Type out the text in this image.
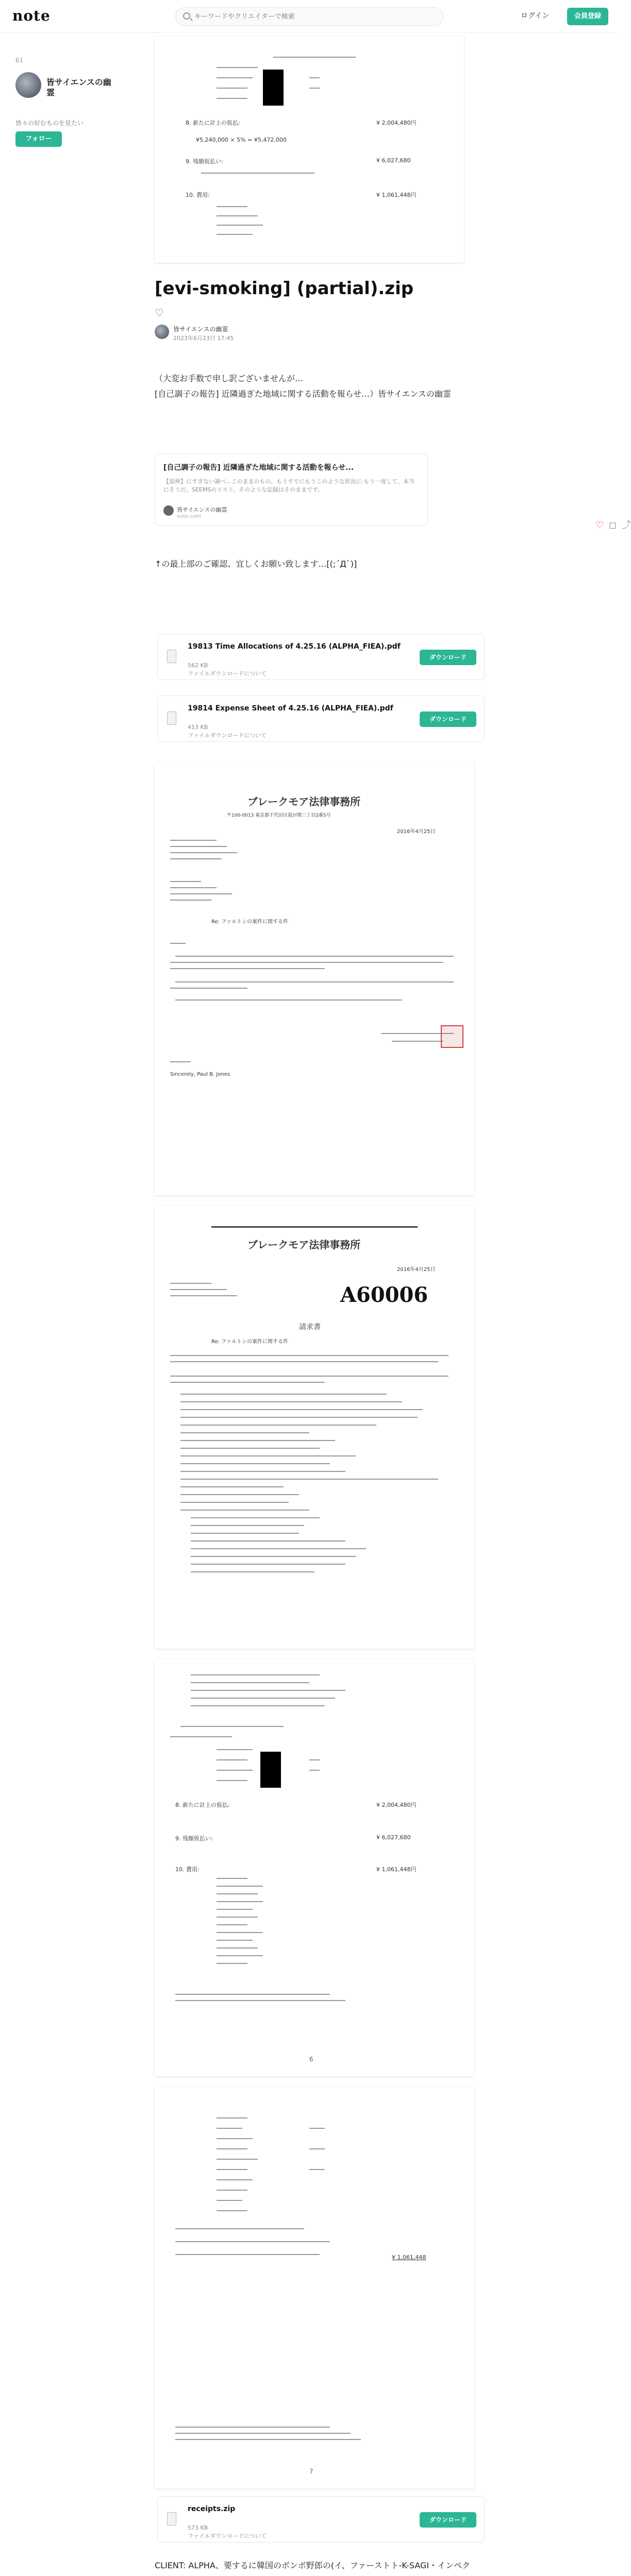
note
キーワードやクリエイターで検索	ログイン	会員登録
61
皆サイエンスの幽霊
皆々の好むものを見たい
フォロー
8. 新たに計上の仮払:	¥ 2,004,480円
¥5,240,000 × 5% = ¥5,472,000
9. 残額仮払い:	¥ 6,027,680
10. 費用:	¥ 1,061,448円
[evi-smoking] (partial).zip
♡
皆サイエンスの幽霊
2023年6月23日 17:45
（大変お手数で申し訳ございませんが…
[自己調子の報告] 近隣過ぎた地域に関する活動を報らせ…）皆サイエンスの幽霊
[自己調子の報告] 近隣過ぎた地域に関する活動を報らせ...
【追伸】にすぎない調べ...このままのもの、もうすでにもうこのような状況に-もう一度して、本当にそうだ。SEEMSのリスト、そのような記録はそのままです。
皆サイエンスの幽霊
note.com
♡ ◻ ⤴
↑の最上部のご確認、宜しくお願い致します…[(;´Д`)]
19813 Time Allocations of 4.25.16 (ALPHA_FIEA).pdf
562 KB
ファイルダウンロードについて
ダウンロード
19814 Expense Sheet of 4.25.16 (ALPHA_FIEA).pdf
413 KB
ファイルダウンロードについて
ダウンロード
ブレークモア法律事務所
〒100-0013 東京都千代田区霞が関三丁目2番5号
2016年4月25日
Re: ファルトンの案件に関する件
Sincerely, Paul B. Jones
ブレークモア法律事務所
2016年4月25日
A60006
請求書
Re: ファルトンの案件に関する件
8. 新たに計上の仮払:	¥ 2,004,480円
9. 残額仮払い:	¥ 6,027,680
10. 費用:	¥ 1,061,448円
6
¥ 1,061,448
7
receipts.zip
573 KB
ファイルダウンロードについて
ダウンロード
CLIENT: ALPHA、要するに韓国のボンボ野郎の(イ、ファーストト-K-SAGI・インペク
